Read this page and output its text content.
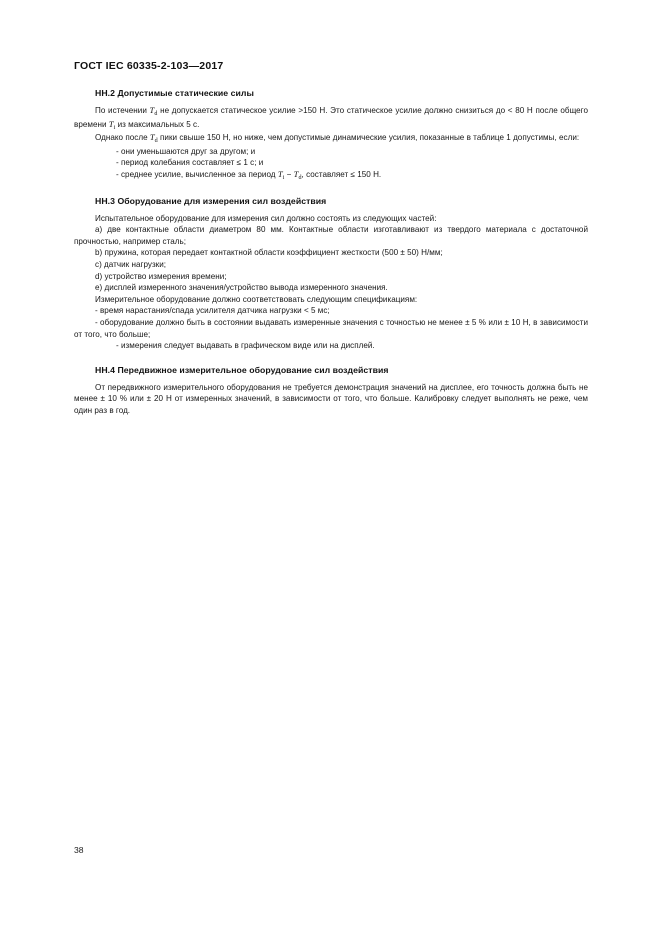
ГОСТ IEC 60335-2-103—2017
НН.2 Допустимые статические силы

По истечении $T_d$ не допускается статическое усилие >150 Н. Это статическое усилие должно снизиться до < 80 Н после общего времени $T_i$ из максимальных 5 с.

Однако после $T_d$ пики свыше 150 Н, но ниже, чем допустимые динамические усилия, показанные в таблице 1 допустимы, если:

- они уменьшаются друг за другом; и

- период колебания составляет ≤ 1 с; и

- среднее усилие, вычисленное за период $T_i - T_d$, составляет ≤ 150 Н.

НН.3 Оборудование для измерения сил воздействия

Испытательное оборудование для измерения сил должно состоять из следующих частей:

a) две контактные области диаметром 80 мм. Контактные области изготавливают из твердого материала с достаточной прочностью, например сталь;

b) пружина, которая передает контактной области коэффициент жесткости (500 ± 50) Н/мм;

c) датчик нагрузки;

d) устройство измерения времени;

e) дисплей измеренного значения/устройство вывода измеренного значения.

Измерительное оборудование должно соответствовать следующим спецификациям:

- время нарастания/спада усилителя датчика нагрузки < 5 мс;

- оборудование должно быть в состоянии выдавать измеренные значения с точностью не менее ± 5 % или ± 10 Н, в зависимости от того, что больше;

- измерения следует выдавать в графическом виде или на дисплей.

НН.4 Передвижное измерительное оборудование сил воздействия

От передвижного измерительного оборудования не требуется демонстрация значений на дисплее, его точность должна быть не менее ± 10 % или ± 20 Н от измеренных значений, в зависимости от того, что больше. Калибровку следует выполнять не реже, чем один раз в год.

38
